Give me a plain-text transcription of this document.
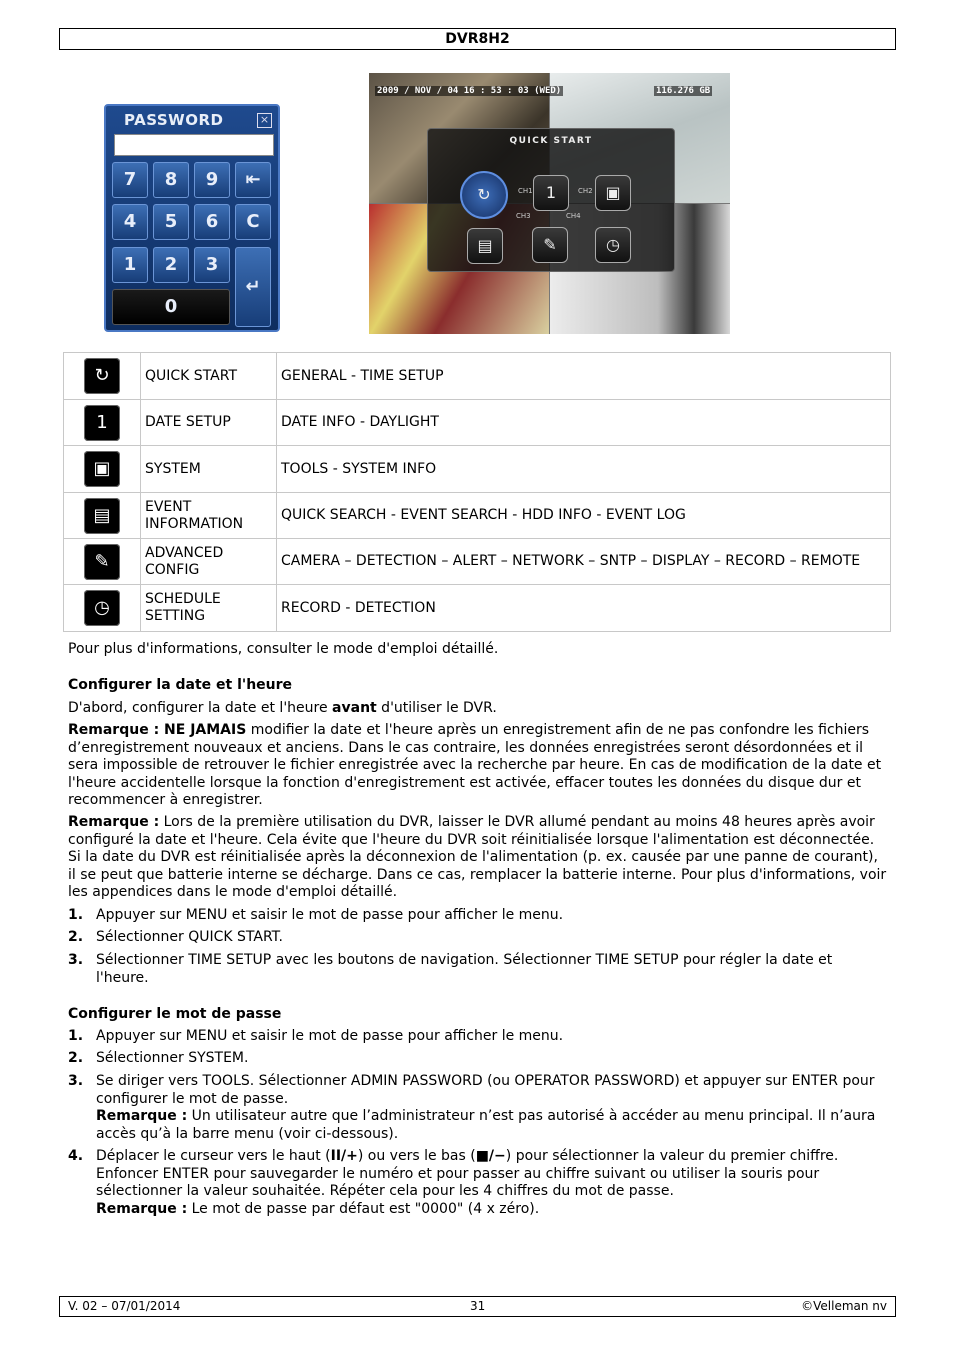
DVR8H2
PASSWORD	×
7	8	9	⇤
4	5	6	C
1	2	3
↵
0
2009 / NOV / 04 16 : 53 : 03 (WED)	116.276 GB
QUICK START
↻	1	▣
▤	✎	◷
CH1	CH2
CH3	CH4
↻	QUICK START	GENERAL - TIME SETUP
1	DATE SETUP	DATE INFO - DAYLIGHT
▣	SYSTEM	TOOLS - SYSTEM INFO
▤	EVENT INFORMATION	QUICK SEARCH - EVENT SEARCH - HDD INFO - EVENT LOG
✎	ADVANCED CONFIG	CAMERA – DETECTION – ALERT – NETWORK – SNTP – DISPLAY – RECORD – REMOTE
◷	SCHEDULE SETTING	RECORD - DETECTION
Pour plus d'informations, consulter le mode d'emploi détaillé.
Configurer la date et l'heure
D'abord, configurer la date et l'heure avant d'utiliser le DVR.
Remarque : NE JAMAIS modifier la date et l'heure après un enregistrement afin de ne pas confondre les fichiers d’enregistrement nouveaux et anciens. Dans le cas contraire, les données enregistrées seront désordonnées et il sera impossible de retrouver le fichier enregistrée avec la recherche par heure. En cas de modification de la date et l'heure accidentelle lorsque la fonction d'enregistrement est activée, effacer toutes les données du disque dur et recommencer à enregistrer.
Remarque : Lors de la première utilisation du DVR, laisser le DVR allumé pendant au moins 48 heures après avoir configuré la date et l'heure. Cela évite que l'heure du DVR soit réinitialisée lorsque l'alimentation est déconnectée. Si la date du DVR est réinitialisée après la déconnexion de l'alimentation (p. ex. causée par une panne de courant), il se peut que batterie interne se décharge. Dans ce cas, remplacer la batterie interne. Pour plus d'informations, voir les appendices dans le mode d'emploi détaillé.
1. Appuyer sur MENU et saisir le mot de passe pour afficher le menu.
2. Sélectionner QUICK START.
3. Sélectionner TIME SETUP avec les boutons de navigation. Sélectionner TIME SETUP pour régler la date et l'heure.
Configurer le mot de passe
1. Appuyer sur MENU et saisir le mot de passe pour afficher le menu.
2. Sélectionner SYSTEM.
3. Se diriger vers TOOLS. Sélectionner ADMIN PASSWORD (ou OPERATOR PASSWORD) et appuyer sur ENTER pour configurer le mot de passe.
Remarque : Un utilisateur autre que l’administrateur n’est pas autorisé à accéder au menu principal. Il n’aura accès qu’à la barre menu (voir ci-dessous).
4. Déplacer le curseur vers le haut (II/+) ou vers le bas (■/−) pour sélectionner la valeur du premier chiffre. Enfoncer ENTER pour sauvegarder le numéro et pour passer au chiffre suivant ou utiliser la souris pour sélectionner la valeur souhaitée. Répéter cela pour les 4 chiffres du mot de passe.
Remarque : Le mot de passe par défaut est "0000" (4 x zéro).
V. 02 – 07/01/2014	31	©Velleman nv
